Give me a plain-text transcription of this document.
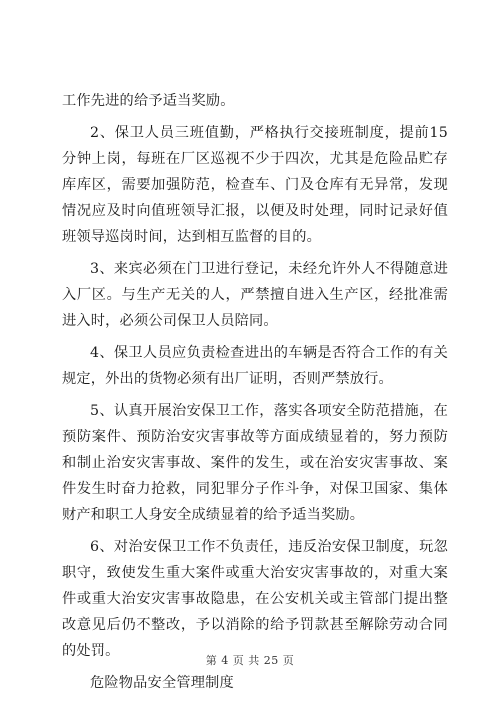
工作先进的给予适当奖励。

2、保卫人员三班值勤，严格执行交接班制度，提前15分钟上岗，每班在厂区巡视不少于四次，尤其是危险品贮存库库区，需要加强防范，检查车、门及仓库有无异常，发现情况应及时向值班领导汇报，以便及时处理，同时记录好值班领导巡岗时间，达到相互监督的目的。

3、来宾必须在门卫进行登记，未经允许外人不得随意进入厂区。与生产无关的人，严禁擅自进入生产区，经批准需进入时，必须公司保卫人员陪同。

4、保卫人员应负责检查进出的车辆是否符合工作的有关规定，外出的货物必须有出厂证明，否则严禁放行。

5、认真开展治安保卫工作，落实各项安全防范措施，在预防案件、预防治安灾害事故等方面成绩显着的，努力预防和制止治安灾害事故、案件的发生，或在治安灾害事故、案件发生时奋力抢救，同犯罪分子作斗争，对保卫国家、集体财产和职工人身安全成绩显着的给予适当奖励。

6、对治安保卫工作不负责任，违反治安保卫制度，玩忽职守，致使发生重大案件或重大治安灾害事故的，对重大案件或重大治安灾害事故隐患，在公安机关或主管部门提出整改意见后仍不整改，予以消除的给予罚款甚至解除劳动合同的处罚。

危险物品安全管理制度

第 4 页 共 25 页
